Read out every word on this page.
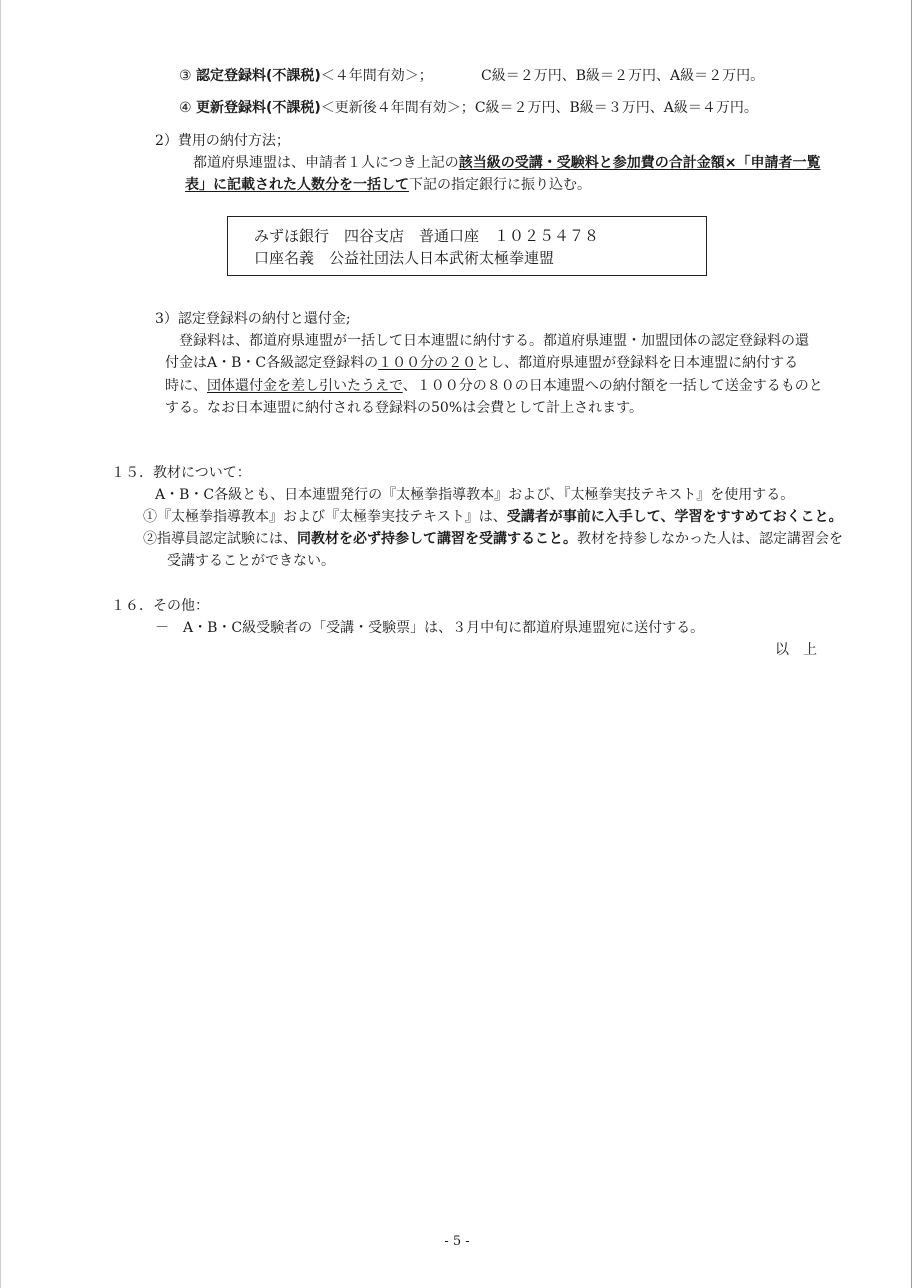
③ 認定登録料(不課税)＜４年間有効＞；	C級＝２万円、B級＝２万円、A級＝２万円。
④ 更新登録料(不課税)＜更新後４年間有効＞；C級＝２万円、B級＝３万円、A級＝４万円。
2）費用の納付方法；
都道府県連盟は、申請者１人につき上記の該当級の受講・受験料と参加費の合計金額×「申請者一覧
表」に記載された人数分を一括して下記の指定銀行に振り込む。
みずほ銀行　四谷支店　普通口座　１０２５４７８
口座名義　公益社団法人日本武術太極拳連盟
3）認定登録料の納付と還付金;
登録料は、都道府県連盟が一括して日本連盟に納付する。都道府県連盟・加盟団体の認定登録料の還
付金はA・B・C各級認定登録料の１００分の２０とし、都道府県連盟が登録料を日本連盟に納付する
時に、団体還付金を差し引いたうえで、１００分の８０の日本連盟への納付額を一括して送金するものと
する。なお日本連盟に納付される登録料の50%は会費として計上されます。
１５．教材について：
A・B・C各級とも、日本連盟発行の『太極拳指導教本』および、『太極拳実技テキスト』を使用する。
①『太極拳指導教本』および『太極拳実技テキスト』は、受講者が事前に入手して、学習をすすめておくこと。
②指導員認定試験には、同教材を必ず持参して講習を受講すること。教材を持参しなかった人は、認定講習会を
受講することができない。
１６．その他：
－　A・B・C級受験者の「受講・受験票」は、３月中旬に都道府県連盟宛に送付する。
以　上
- 5 -
